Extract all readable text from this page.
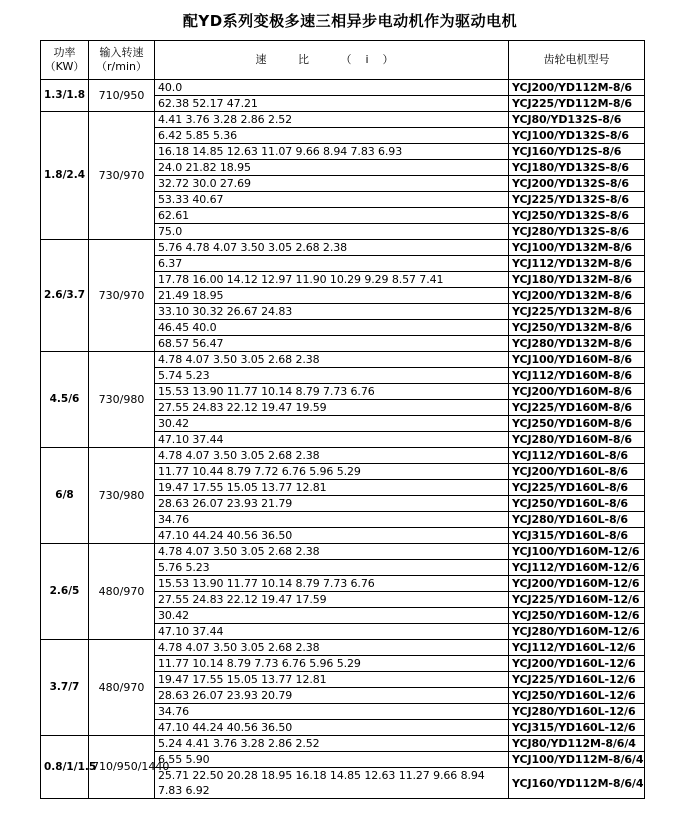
配YD系列变极多速三相异步电动机作为驱动电机
功率（KW）	输入转速（r/min）	速 比 （i）	齿轮电机型号
1.3/1.8	710/950	40.0	YCJ200/YD112M-8/6
		62.38 52.17 47.21	YCJ225/YD112M-8/6
1.8/2.4	730/970	4.41 3.76 3.28 2.86 2.52	YCJ80/YD132S-8/6
		6.42 5.85 5.36	YCJ100/YD132S-8/6
		16.18 14.85 12.63 11.07 9.66 8.94 7.83 6.93	YCJ160/YD12S-8/6
		24.0 21.82 18.95	YCJ180/YD132S-8/6
		32.72 30.0 27.69	YCJ200/YD132S-8/6
		53.33 40.67	YCJ225/YD132S-8/6
		62.61	YCJ250/YD132S-8/6
		75.0	YCJ280/YD132S-8/6
2.6/3.7	730/970	5.76 4.78 4.07 3.50 3.05 2.68 2.38	YCJ100/YD132M-8/6
		6.37	YCJ112/YD132M-8/6
		17.78 16.00 14.12 12.97 11.90 10.29 9.29 8.57 7.41	YCJ180/YD132M-8/6
		21.49 18.95	YCJ200/YD132M-8/6
		33.10 30.32 26.67 24.83	YCJ225/YD132M-8/6
		46.45 40.0	YCJ250/YD132M-8/6
		68.57 56.47	YCJ280/YD132M-8/6
4.5/6	730/980	4.78 4.07 3.50 3.05 2.68 2.38	YCJ100/YD160M-8/6
		5.74 5.23	YCJ112/YD160M-8/6
		15.53 13.90 11.77 10.14 8.79 7.73 6.76	YCJ200/YD160M-8/6
		27.55 24.83 22.12 19.47 19.59	YCJ225/YD160M-8/6
		30.42	YCJ250/YD160M-8/6
		47.10 37.44	YCJ280/YD160M-8/6
6/8	730/980	4.78 4.07 3.50 3.05 2.68 2.38	YCJ112/YD160L-8/6
		11.77 10.44 8.79 7.72 6.76 5.96 5.29	YCJ200/YD160L-8/6
		19.47 17.55 15.05 13.77 12.81	YCJ225/YD160L-8/6
		28.63 26.07 23.93 21.79	YCJ250/YD160L-8/6
		34.76	YCJ280/YD160L-8/6
		47.10 44.24 40.56 36.50	YCJ315/YD160L-8/6
2.6/5	480/970	4.78 4.07 3.50 3.05 2.68 2.38	YCJ100/YD160M-12/6
		5.76 5.23	YCJ112/YD160M-12/6
		15.53 13.90 11.77 10.14 8.79 7.73 6.76	YCJ200/YD160M-12/6
		27.55 24.83 22.12 19.47 17.59	YCJ225/YD160M-12/6
		30.42	YCJ250/YD160M-12/6
		47.10 37.44	YCJ280/YD160M-12/6
3.7/7	480/970	4.78 4.07 3.50 3.05 2.68 2.38	YCJ112/YD160L-12/6
		11.77 10.14 8.79 7.73 6.76 5.96 5.29	YCJ200/YD160L-12/6
		19.47 17.55 15.05 13.77 12.81	YCJ225/YD160L-12/6
		28.63 26.07 23.93 20.79	YCJ250/YD160L-12/6
		34.76	YCJ280/YD160L-12/6
		47.10 44.24 40.56 36.50	YCJ315/YD160L-12/6
0.8/1/1.5	710/950/1440	5.24 4.41 3.76 3.28 2.86 2.52	YCJ80/YD112M-8/6/4
		6.55 5.90	YCJ100/YD112M-8/6/4
		25.71 22.50 20.28 18.95 16.18 14.85 12.63 11.27 9.66 8.94 7.83 6.92	YCJ160/YD112M-8/6/4
